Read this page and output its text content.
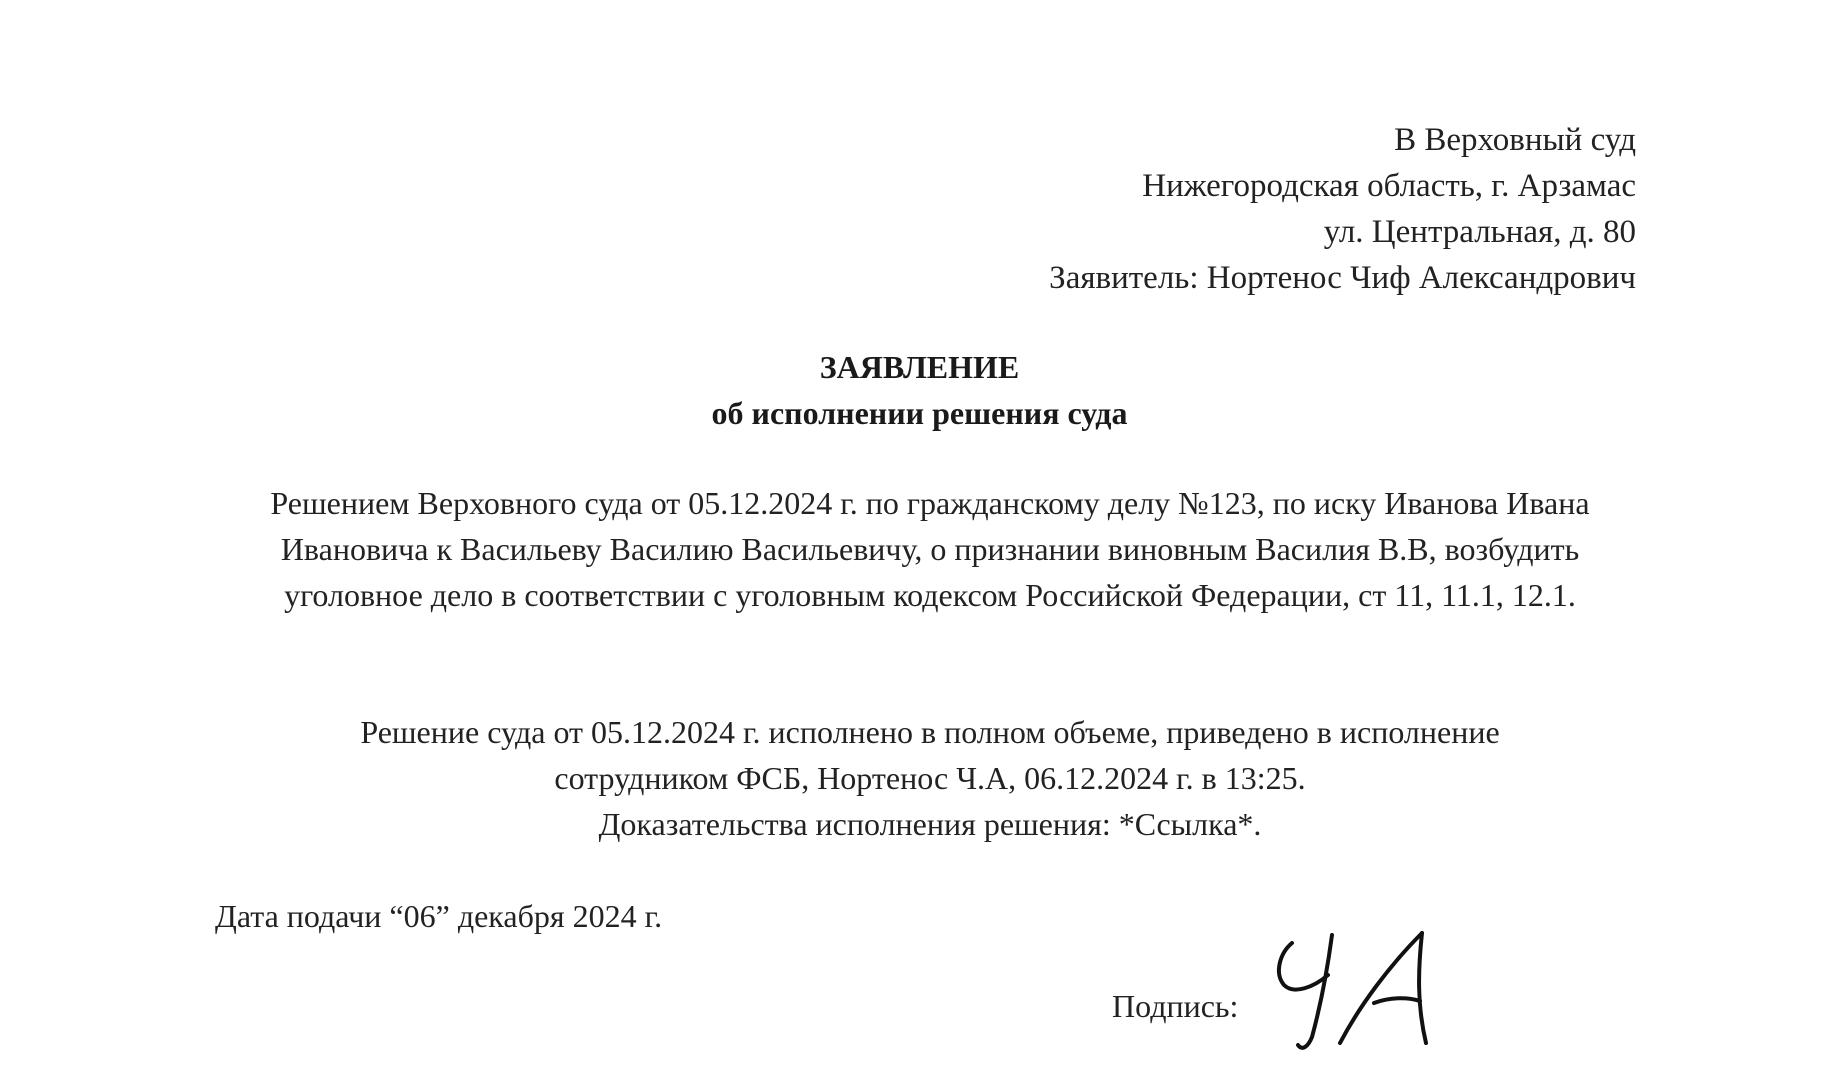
В Верховный суд
Нижегородская область, г. Арзамас
ул. Центральная, д. 80
Заявитель: Нортенос Чиф Александрович
ЗАЯВЛЕНИЕ
об исполнении решения суда
Решением Верховного суда от 05.12.2024 г. по гражданскому делу №123, по иску Иванова Ивана Ивановича к Васильеву Василию Васильевичу, о признании виновным Василия В.В, возбудить уголовное дело в соответствии с уголовным кодексом Российской Федерации, ст 11, 11.1, 12.1.
Решение суда от 05.12.2024 г. исполнено в полном объеме, приведено в исполнение
сотрудником ФСБ, Нортенос Ч.А, 06.12.2024 г. в 13:25.
Доказательства исполнения решения: *Ссылка*.
Дата подачи “06” декабря 2024 г.
Подпись:
